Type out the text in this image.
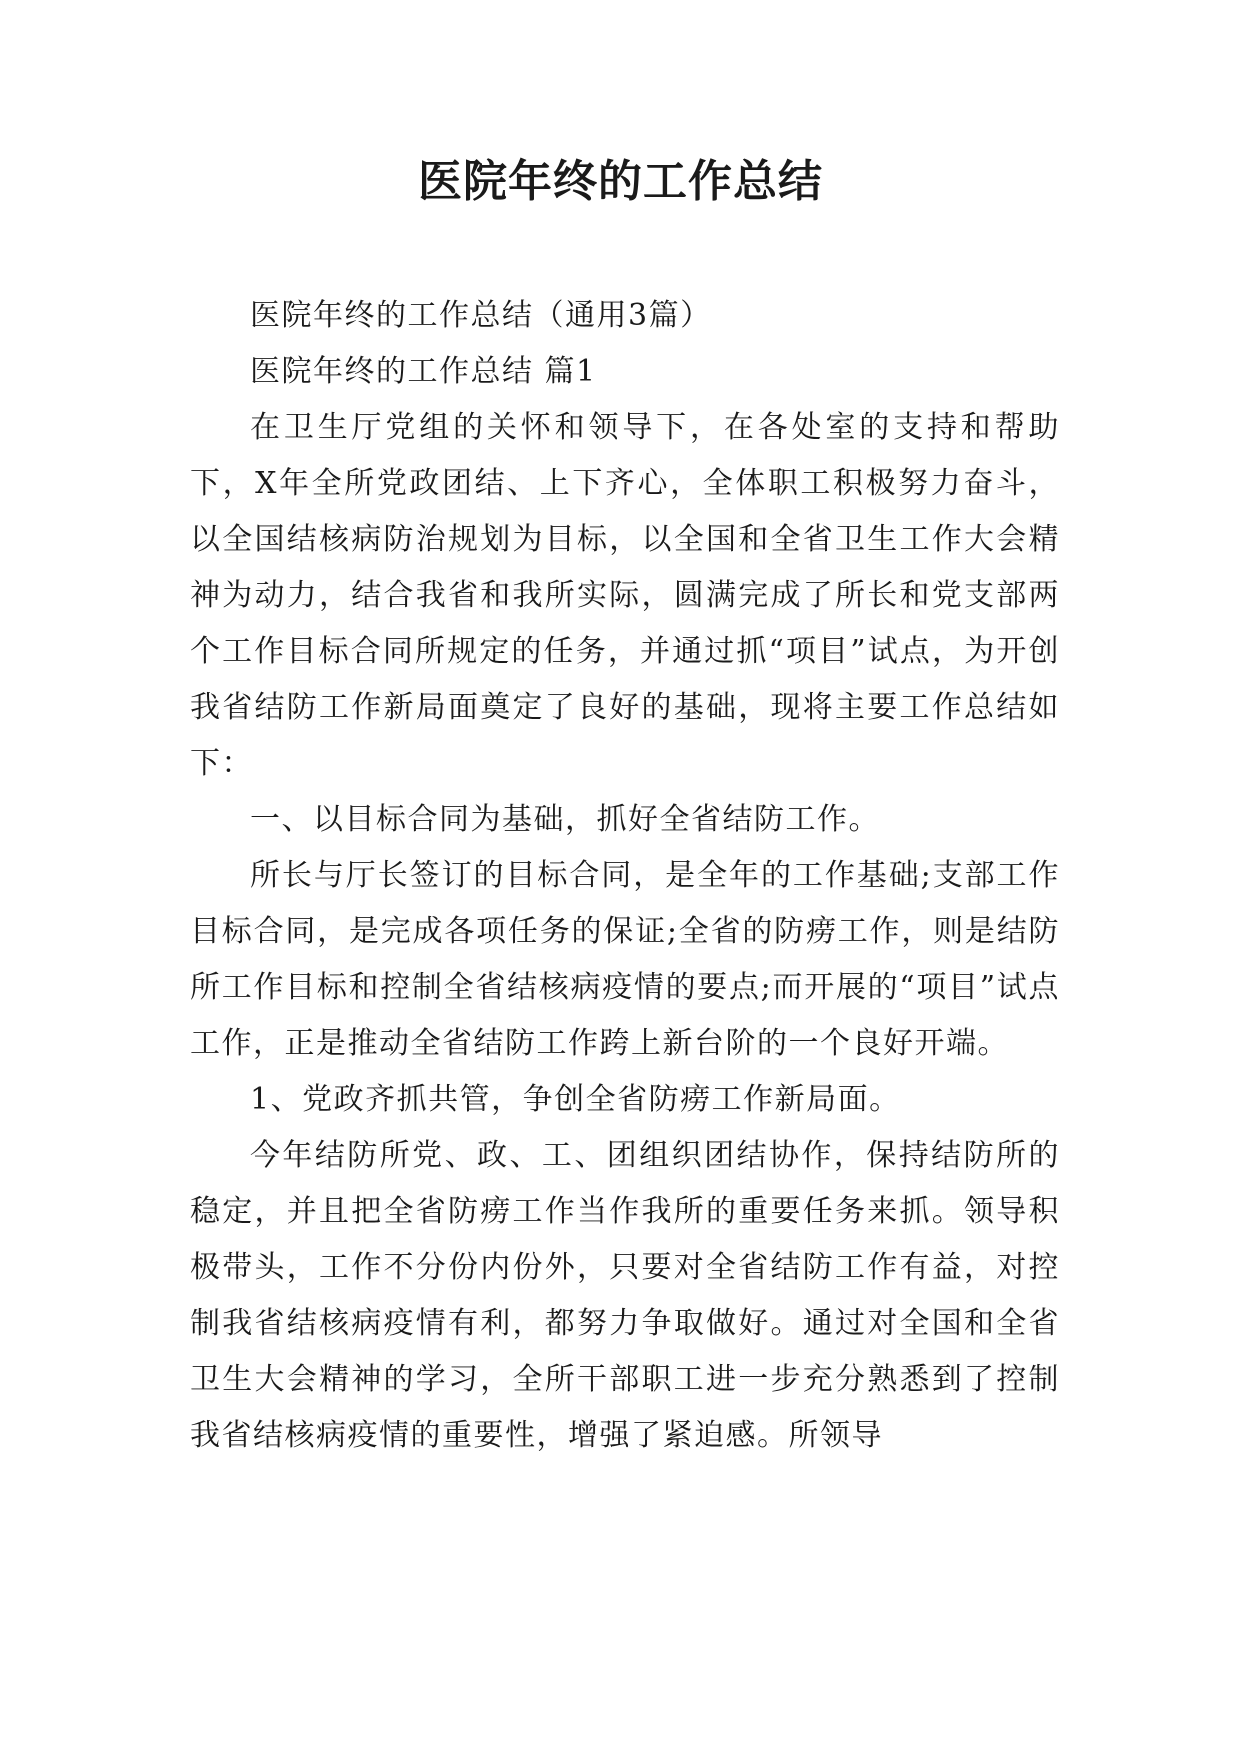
医院年终的工作总结

医院年终的工作总结（通用3篇）

医院年终的工作总结 篇1

在卫生厅党组的关怀和领导下，在各处室的支持和帮助下，X年全所党政团结、上下齐心，全体职工积极努力奋斗，以全国结核病防治规划为目标，以全国和全省卫生工作大会精神为动力，结合我省和我所实际，圆满完成了所长和党支部两个工作目标合同所规定的任务，并通过抓“项目”试点，为开创我省结防工作新局面奠定了良好的基础，现将主要工作总结如下：

一、以目标合同为基础，抓好全省结防工作。

所长与厅长签订的目标合同，是全年的工作基础;支部工作目标合同，是完成各项任务的保证;全省的防痨工作，则是结防所工作目标和控制全省结核病疫情的要点;而开展的“项目”试点工作，正是推动全省结防工作跨上新台阶的一个良好开端。

1、党政齐抓共管，争创全省防痨工作新局面。

今年结防所党、政、工、团组织团结协作，保持结防所的稳定，并且把全省防痨工作当作我所的重要任务来抓。领导积极带头，工作不分份内份外，只要对全省结防工作有益，对控制我省结核病疫情有利，都努力争取做好。通过对全国和全省卫生大会精神的学习，全所干部职工进一步充分熟悉到了控制我省结核病疫情的重要性，增强了紧迫感。所领导
